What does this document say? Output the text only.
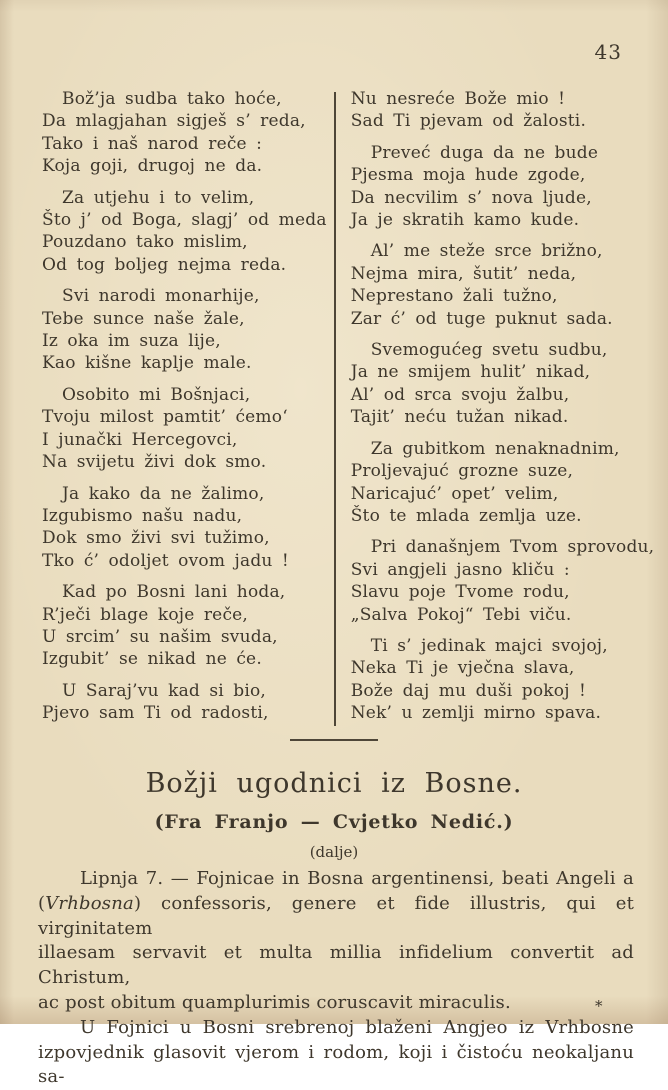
43
Bož’ja sudba tako hoće,
Da mlagjahan sigješ s’ reda,
Tako i naš narod reče :
Koja goji, drugoj ne da.
Za utjehu i to velim,
Što j’ od Boga, slagj’ od meda
Pouzdano tako mislim,
Od tog boljeg nejma reda.
Svi narodi monarhije,
Tebe sunce naše žale,
Iz oka im suza lije,
Kao kišne kaplje male.
Osobito mi Bošnjaci,
Tvoju milost pamtit’ ćemo‘
I junački Hercegovci,
Na svijetu živi dok smo.
Ja kako da ne žalimo,
Izgubismo našu nadu,
Dok smo živi svi tužimo,
Tko ć’ odoljet ovom jadu !
Kad po Bosni lani hoda,
R’ječi blage koje reče,
U srcim’ su našim svuda,
Izgubit’ se nikad ne će.
U Saraj’vu kad si bio,
Pjevo sam Ti od radosti,
Nu nesreće Bože mio !
Sad Ti pjevam od žalosti.
Preveć duga da ne bude
Pjesma moja hude zgode,
Da necvilim s’ nova ljude,
Ja je skratih kamo kude.
Al’ me steže srce brižno,
Nejma mira, šutit’ neda,
Neprestano žali tužno,
Zar ć’ od tuge puknut sada.
Svemogućeg svetu sudbu,
Ja ne smijem hulit’ nikad,
Al’ od srca svoju žalbu,
Tajit’ neću tužan nikad.
Za gubitkom nenaknadnim,
Proljevajuć grozne suze,
Naricajuć’ opet’ velim,
Što te mlada zemlja uze.
Pri današnjem Tvom sprovodu,
Svi angjeli jasno kliču :
Slavu poje Tvome rodu,
„Salva Pokoj“ Tebi viču.
Ti s’ jedinak majci svojoj,
Neka Ti je vječna slava,
Bože daj mu duši pokoj !
Nek’ u zemlji mirno spava.
Božji ugodnici iz Bosne.
(Fra Franjo — Cvjetko Nedić.)
(dalje)
Lipnja 7. — Fojnicae in Bosna argentinensi, beati Angeli a
(Vrhbosna) confessoris, genere et fide illustris, qui et virginitatem
illaesam servavit et multa millia infidelium convertit ad Christum,
ac post obitum quamplurimis coruscavit miraculis.
U Fojnici u Bosni srebrenoj blaženi Angjeo iz Vrhbosne
izpovjednik glasovit vjerom i rodom, koji i čistoću neokaljanu sa-
*
